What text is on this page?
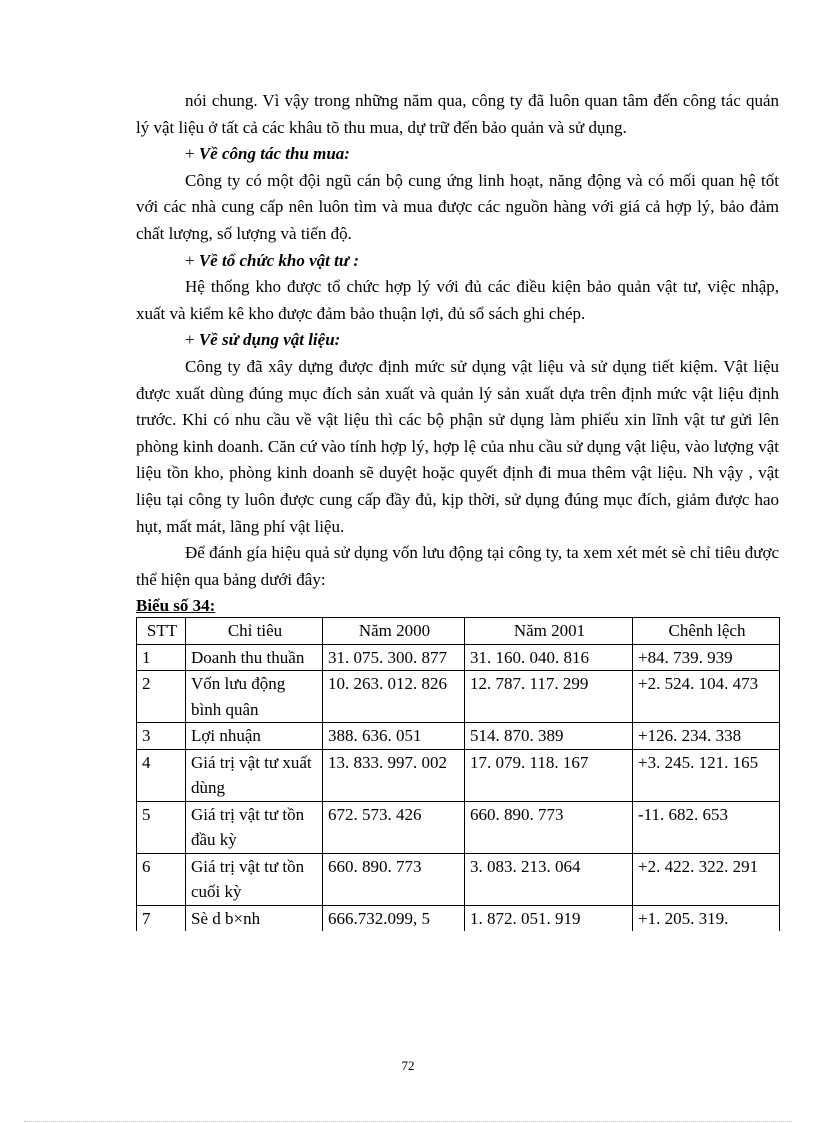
nói chung. Vì vậy trong những năm qua, công ty đã luôn quan tâm đến công tác quản lý vật liệu ở tất cả các khâu tõ thu mua, dự trữ đến bảo quản và sử dụng.

+ Về công tác thu mua:

Công ty có một đội ngũ cán bộ cung ứng linh hoạt, năng động và có mối quan hệ tốt với các nhà cung cấp nên luôn tìm và mua được các nguồn hàng với giá cả hợp lý, bảo đảm chất lượng, số lượng và tiến độ.

+ Về tổ chức kho vật tư :

Hệ thống kho được tổ chức hợp lý với đủ các điều kiện bảo quản vật tư, việc nhập, xuất và kiểm kê kho được đảm bảo thuận lợi, đủ sổ sách ghi chép.

+ Về sử dụng vật liệu:

Công ty đã xây dựng được định mức sử dụng vật liệu và sử dụng tiết kiệm. Vật liệu được xuất dùng đúng mục đích sản xuất và quản lý sản xuất dựa trên định mức vật liệu định trước. Khi có nhu cầu về vật liệu thì các bộ phận sử dụng làm phiếu xin lĩnh vật tư gửi lên phòng kinh doanh. Căn cứ vào tính hợp lý, hợp lệ của nhu cầu sử dụng vật liệu, vào lượng vật liệu tồn kho, phòng kinh doanh sẽ duyệt hoặc quyết định đi mua thêm vật liệu. Nh vậy , vật liệu tại công ty luôn được cung cấp đầy đủ, kịp thời, sử dụng đúng mục đích, giảm được hao hụt, mất mát, lãng phí vật liệu.

Để đánh gía hiệu quả sử dụng vốn lưu động tại công ty, ta xem xét mét sè chỉ tiêu được thể hiện qua bảng dưới đây:

Biểu số 34:

STT	Chỉ tiêu	Năm 2000	Năm 2001	Chênh lệch
1	Doanh thu thuần	31. 075. 300. 877	31. 160. 040. 816	+84. 739. 939
2	Vốn lưu động bình quân	10. 263. 012. 826	12. 787. 117. 299	+2. 524. 104. 473
3	Lợi nhuận	388. 636. 051	514. 870. 389	+126. 234. 338
4	Giá trị vật tư xuất dùng	13. 833. 997. 002	17. 079. 118. 167	+3. 245. 121. 165
5	Giá trị vật tư tồn đầu kỳ	672. 573. 426	660. 890. 773	-11. 682. 653
6	Giá trị vật tư tồn cuối kỳ	660. 890. 773	3. 083. 213. 064	+2. 422. 322. 291
7	Sè d b×nh	666.732.099, 5	1. 872. 051. 919	+1. 205. 319.
72
